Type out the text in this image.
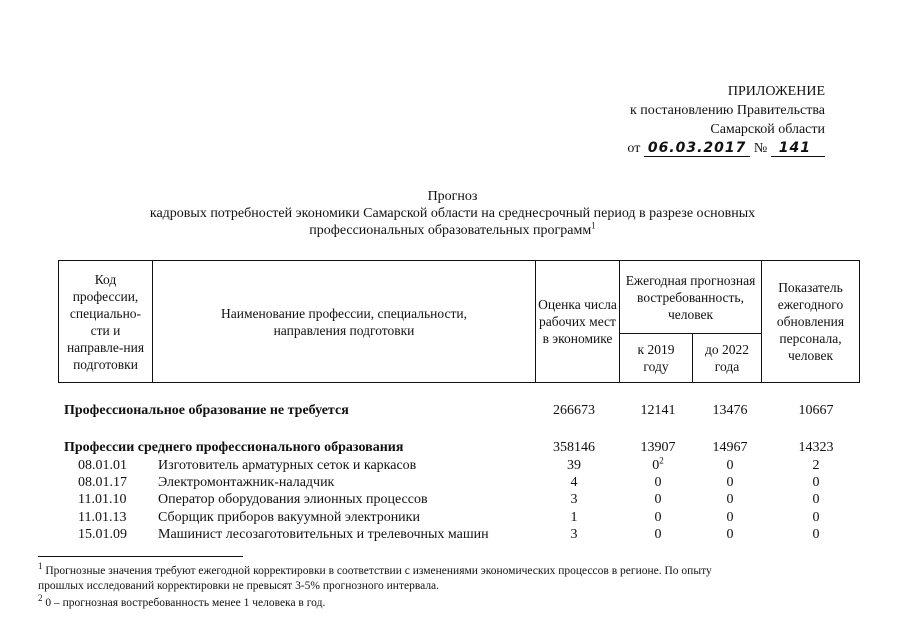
ПРИЛОЖЕНИЕ
к постановлению Правительства
Самарской области
от 06.03.2017 № 141
Прогноз
кадровых потребностей экономики Самарской области на среднесрочный период в разрезе основных
профессиональных образовательных программ$^1$
Код профессии, специально-сти и направле-ния подготовки	Наименование профессии, специальности, направления подготовки	Оценка числа рабочих мест в экономике	Ежегодная прогнозная востребованность, человек		Показатель ежегодного обновления персонала, человек

			к 2019 году	до 2022 года	
Профессиональное образование не требуется	266673	12141	13476	10667
Профессии среднего профессионального образования	358146	13907	14967	14323
08.01.01 Изготовитель арматурных сеток и каркасов	39	$0^2$	0	2
08.01.17 Электромонтажник-наладчик	4	0	0	0
11.01.10 Оператор оборудования элионных процессов	3	0	0	0
11.01.13 Сборщик приборов вакуумной электроники	1	0	0	0
15.01.09 Машинист лесозаготовительных и трелевочных машин	3	0	0	0
$^1$ Прогнозные значения требуют ежегодной корректировки в соответствии с изменениями экономических процессов в регионе. По опыту
прошлых исследований корректировки не превысят 3-5% прогнозного интервала.
$^2$ 0 – прогнозная востребованность менее 1 человека в год.
